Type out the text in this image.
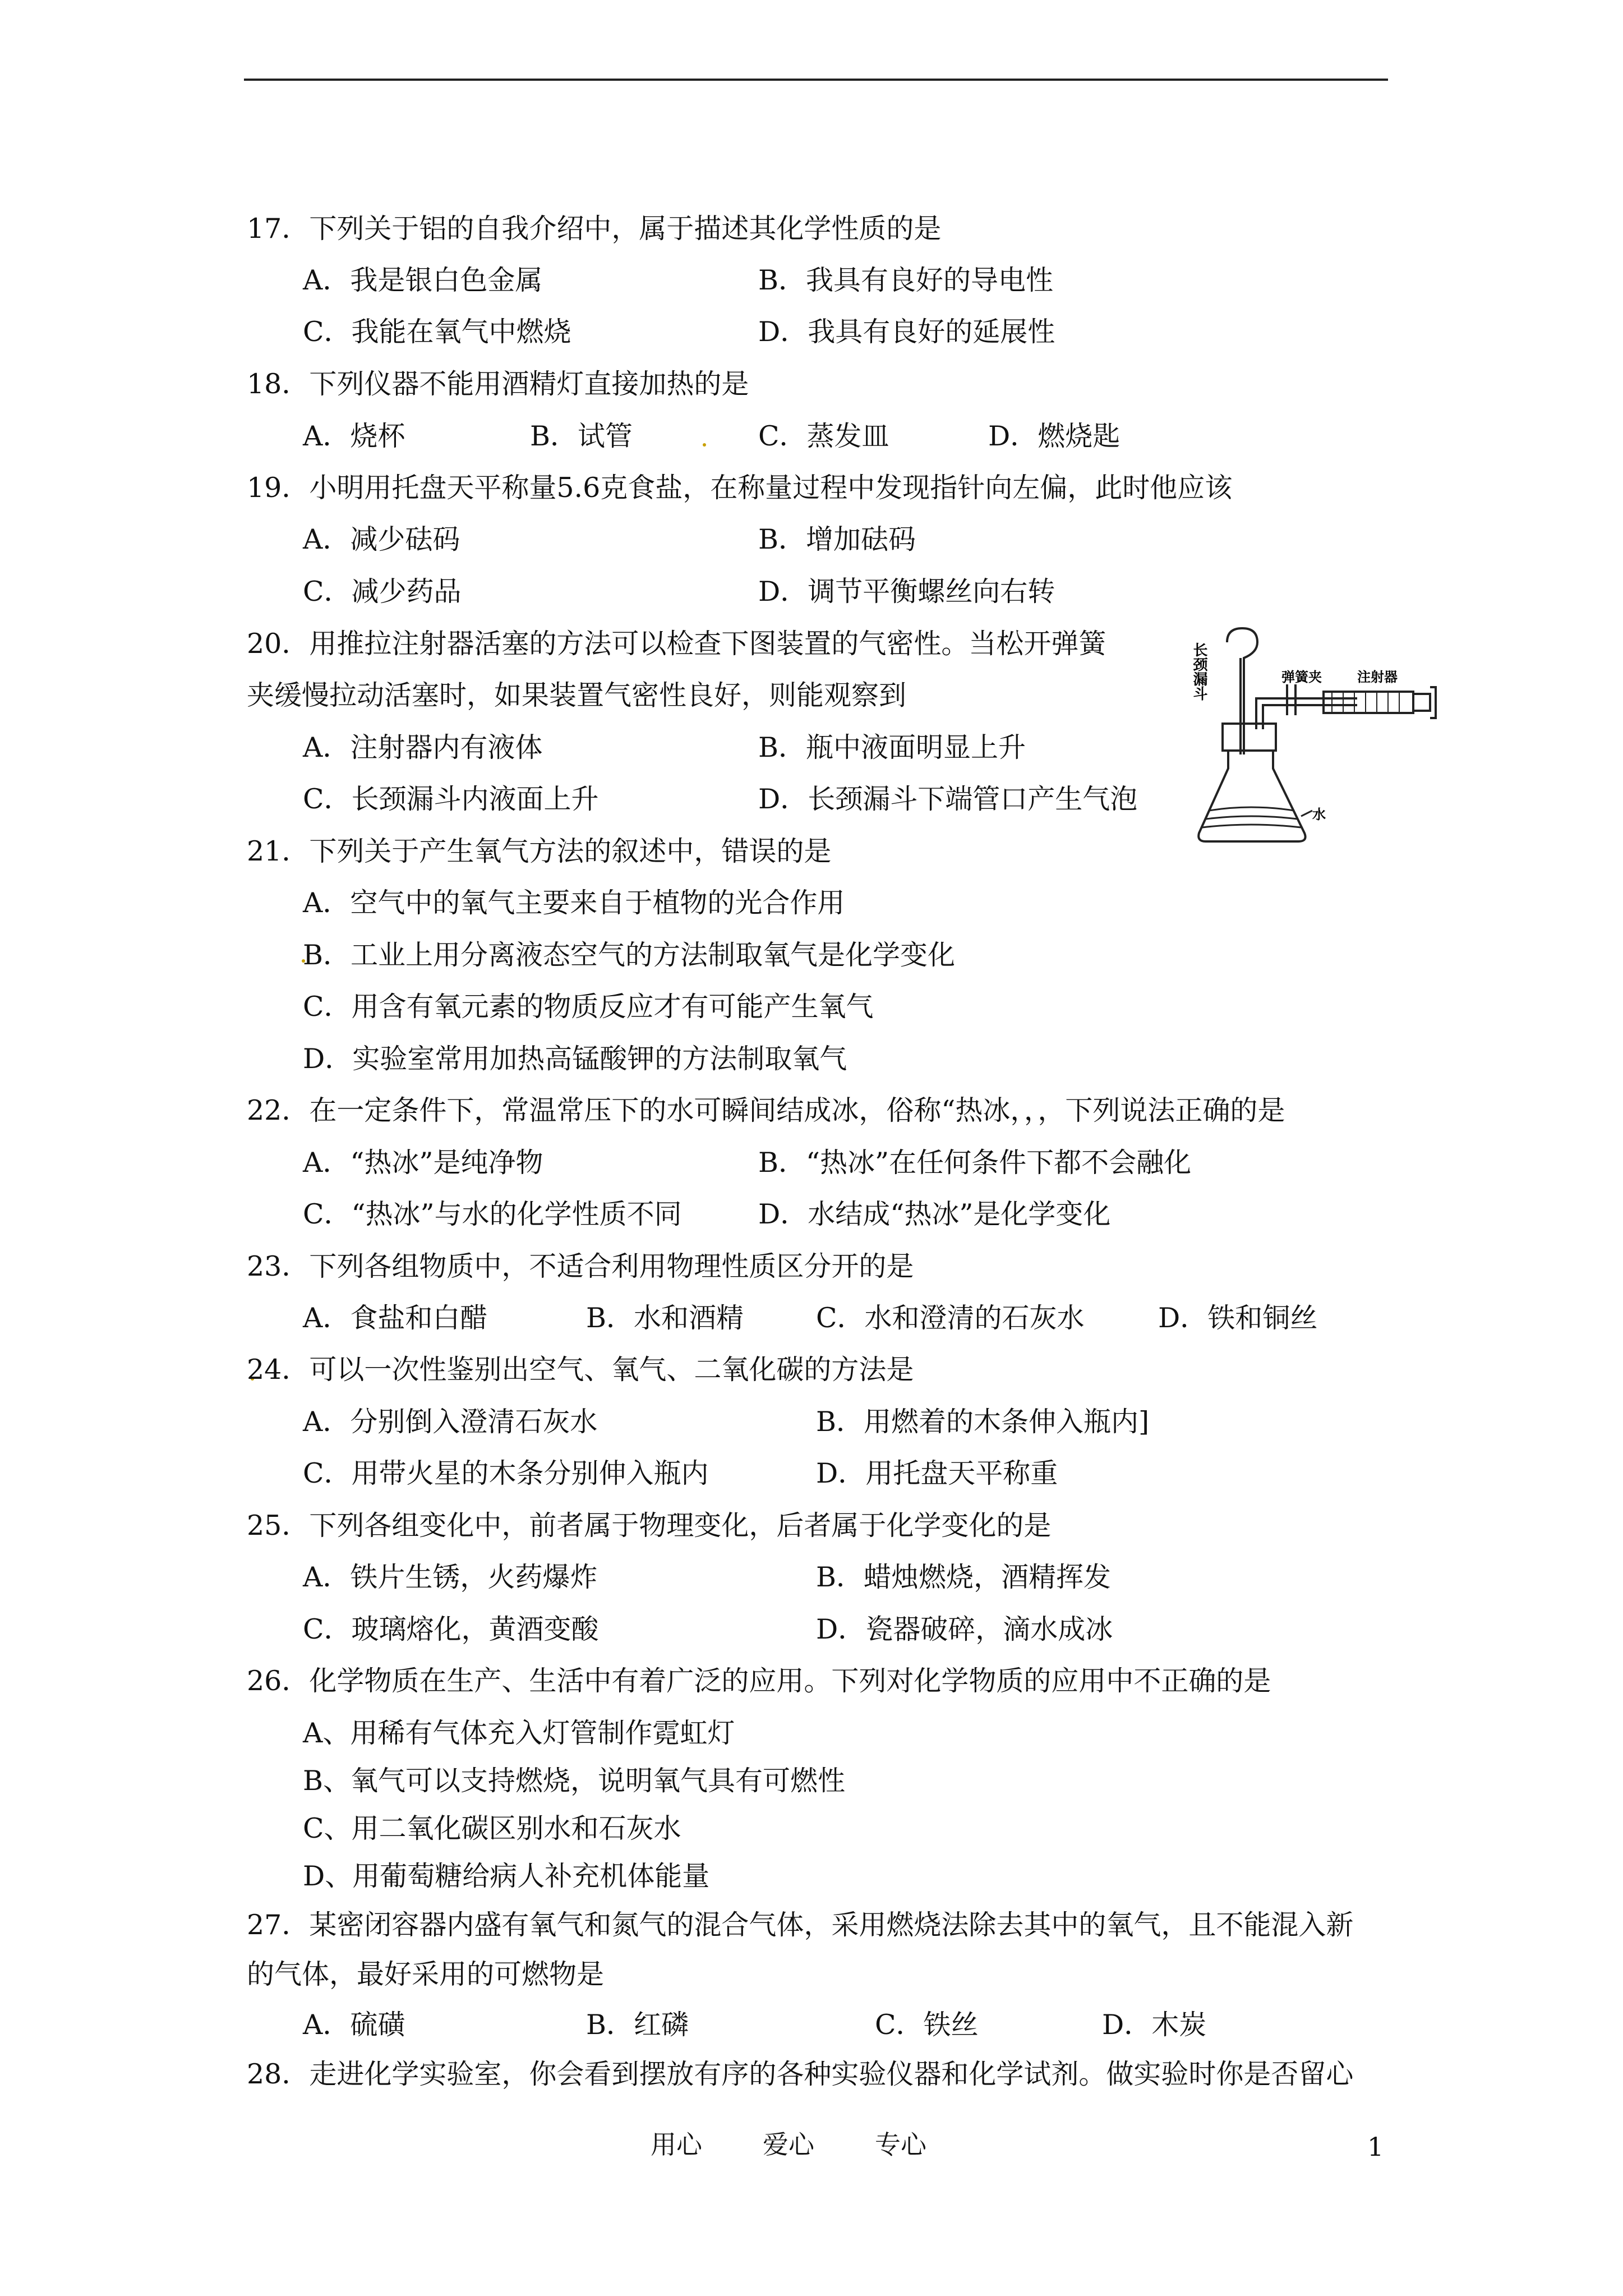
17．下列关于铝的自我介绍中，属于描述其化学性质的是
A．我是银白色金属	B．我具有良好的导电性
C．我能在氧气中燃烧	D．我具有良好的延展性
18．下列仪器不能用酒精灯直接加热的是
A．烧杯	B．试管	C．蒸发皿	D．燃烧匙
19．小明用托盘天平称量5.6克食盐，在称量过程中发现指针向左偏，此时他应该
A．减少砝码	B．增加砝码
C．减少药品	D．调节平衡螺丝向右转
20．用推拉注射器活塞的方法可以检查下图装置的气密性。当松开弹簧
夹缓慢拉动活塞时，如果装置气密性良好，则能观察到
A．注射器内有液体	B．瓶中液面明显上升
C．长颈漏斗内液面上升	D．长颈漏斗下端管口产生气泡
长颈漏斗	弹簧夹	注射器
水
21．下列关于产生氧气方法的叙述中，错误的是
A．空气中的氧气主要来自于植物的光合作用
B．工业上用分离液态空气的方法制取氧气是化学变化
C．用含有氧元素的物质反应才有可能产生氧气
D．实验室常用加热高锰酸钾的方法制取氧气
22．在一定条件下，常温常压下的水可瞬间结成冰，俗称“热冰，，，下列说法正确的是
A．“热冰”是纯净物	B．“热冰”在任何条件下都不会融化
C．“热冰”与水的化学性质不同	D．水结成“热冰”是化学变化
23．下列各组物质中，不适合利用物理性质区分开的是
A．食盐和白醋	B．水和酒精	C．水和澄清的石灰水	D．铁和铜丝
24．可以一次性鉴别出空气、氧气、二氧化碳的方法是
A．分别倒入澄清石灰水	B．用燃着的木条伸入瓶内]
C．用带火星的木条分别伸入瓶内	D．用托盘天平称重
25．下列各组变化中，前者属于物理变化，后者属于化学变化的是
A．铁片生锈，火药爆炸	B．蜡烛燃烧，酒精挥发
C．玻璃熔化，黄酒变酸	D．瓷器破碎，滴水成冰
26．化学物质在生产、生活中有着广泛的应用。下列对化学物质的应用中不正确的是
A、用稀有气体充入灯管制作霓虹灯
B、氧气可以支持燃烧，说明氧气具有可燃性
C、用二氧化碳区别水和石灰水
D、用葡萄糖给病人补充机体能量
27．某密闭容器内盛有氧气和氮气的混合气体，采用燃烧法除去其中的氧气，且不能混入新
的气体，最好采用的可燃物是
A．硫磺	B．红磷	C．铁丝	D．木炭
28．走进化学实验室，你会看到摆放有序的各种实验仪器和化学试剂。做实验时你是否留心
用心 爱心 专心	1
